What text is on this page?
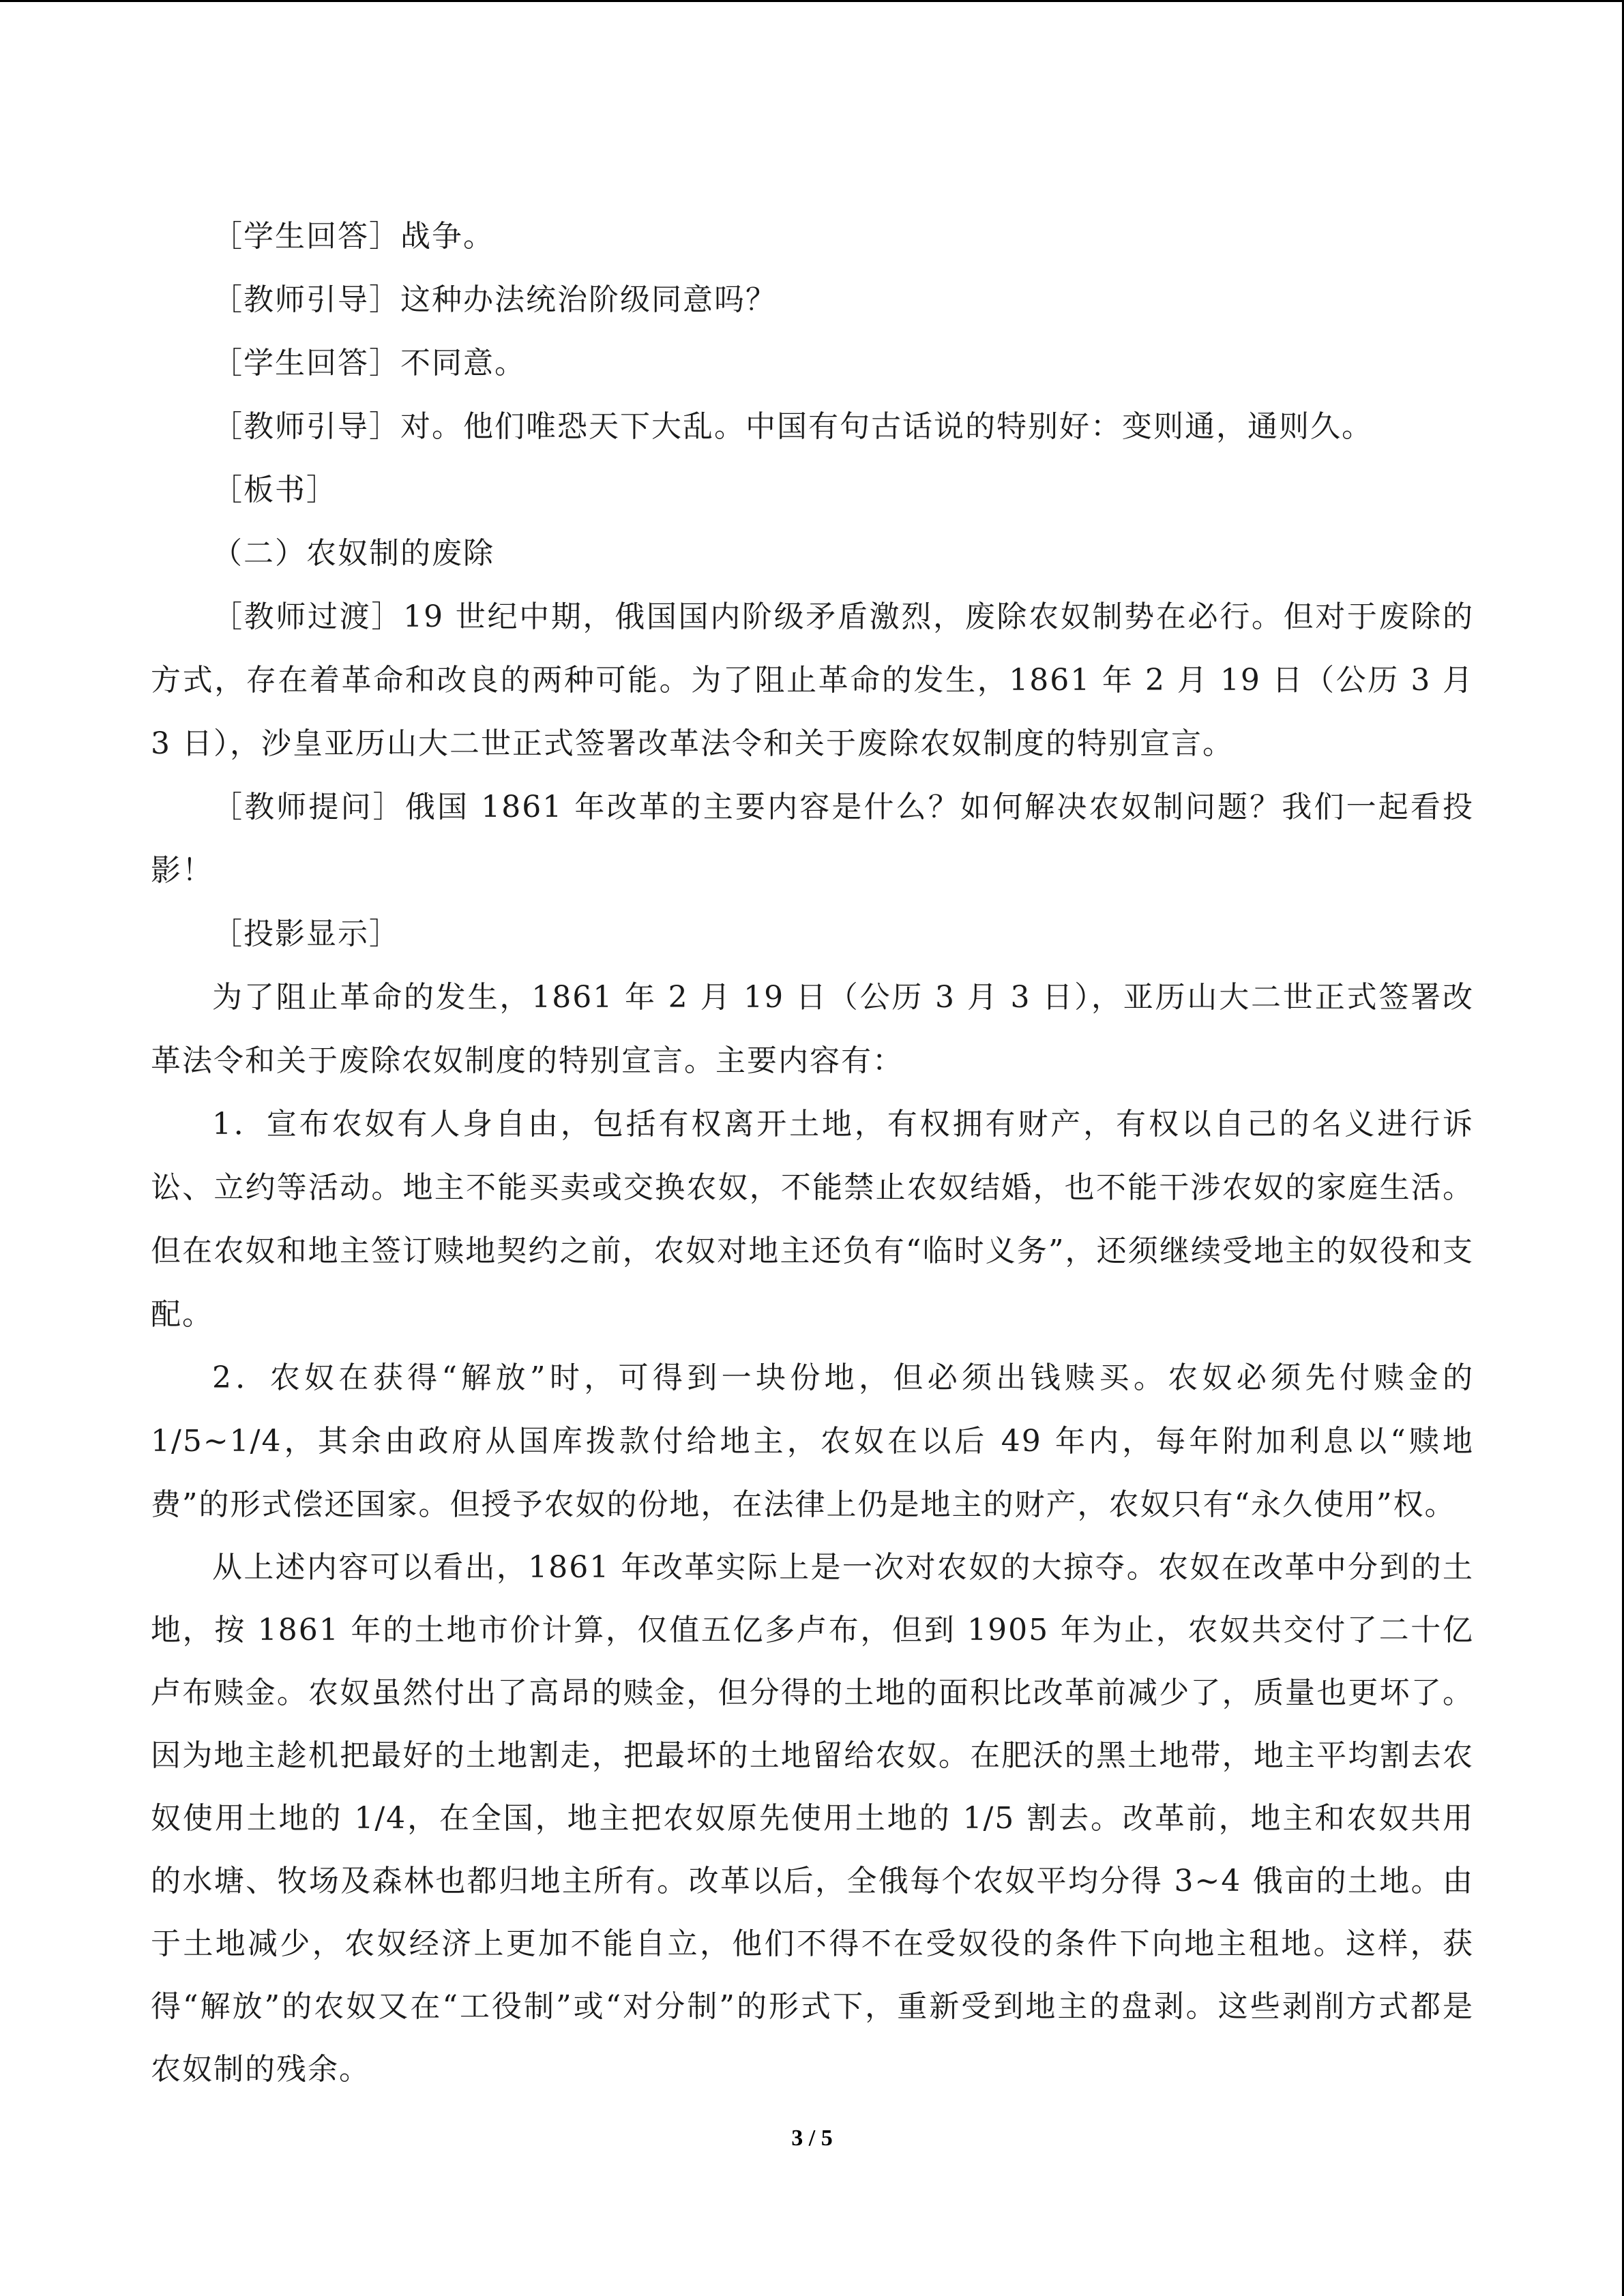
［学生回答］战争。

［教师引导］这种办法统治阶级同意吗？

［学生回答］不同意。

［教师引导］对。他们唯恐天下大乱。中国有句古话说的特别好：变则通，通则久。

［板书］

（二）农奴制的废除

［教师过渡］19 世纪中期，俄国国内阶级矛盾激烈，废除农奴制势在必行。但对于废除的方式，存在着革命和改良的两种可能。为了阻止革命的发生，1861 年 2 月 19 日（公历 3 月 3 日），沙皇亚历山大二世正式签署改革法令和关于废除农奴制度的特别宣言。

［教师提问］俄国 1861 年改革的主要内容是什么？如何解决农奴制问题？我们一起看投影！

［投影显示］

为了阻止革命的发生，1861 年 2 月 19 日（公历 3 月 3 日），亚历山大二世正式签署改革法令和关于废除农奴制度的特别宣言。主要内容有：

1．宣布农奴有人身自由，包括有权离开土地，有权拥有财产，有权以自己的名义进行诉讼、立约等活动。地主不能买卖或交换农奴，不能禁止农奴结婚，也不能干涉农奴的家庭生活。但在农奴和地主签订赎地契约之前，农奴对地主还负有“临时义务”，还须继续受地主的奴役和支配。

2．农奴在获得“解放”时，可得到一块份地，但必须出钱赎买。农奴必须先付赎金的 1/5~1/4，其余由政府从国库拨款付给地主，农奴在以后 49 年内，每年附加利息以“赎地费”的形式偿还国家。但授予农奴的份地，在法律上仍是地主的财产，农奴只有“永久使用”权。

从上述内容可以看出，1861 年改革实际上是一次对农奴的大掠夺。农奴在改革中分到的土地，按 1861 年的土地市价计算，仅值五亿多卢布，但到 1905 年为止，农奴共交付了二十亿卢布赎金。农奴虽然付出了高昂的赎金，但分得的土地的面积比改革前减少了，质量也更坏了。因为地主趁机把最好的土地割走，把最坏的土地留给农奴。在肥沃的黑土地带，地主平均割去农奴使用土地的 1/4，在全国，地主把农奴原先使用土地的 1/5 割去。改革前，地主和农奴共用的水塘、牧场及森林也都归地主所有。改革以后，全俄每个农奴平均分得 3~4 俄亩的土地。由于土地减少，农奴经济上更加不能自立，他们不得不在受奴役的条件下向地主租地。这样，获得“解放”的农奴又在“工役制”或“对分制”的形式下，重新受到地主的盘剥。这些剥削方式都是农奴制的残余。

3 / 5
